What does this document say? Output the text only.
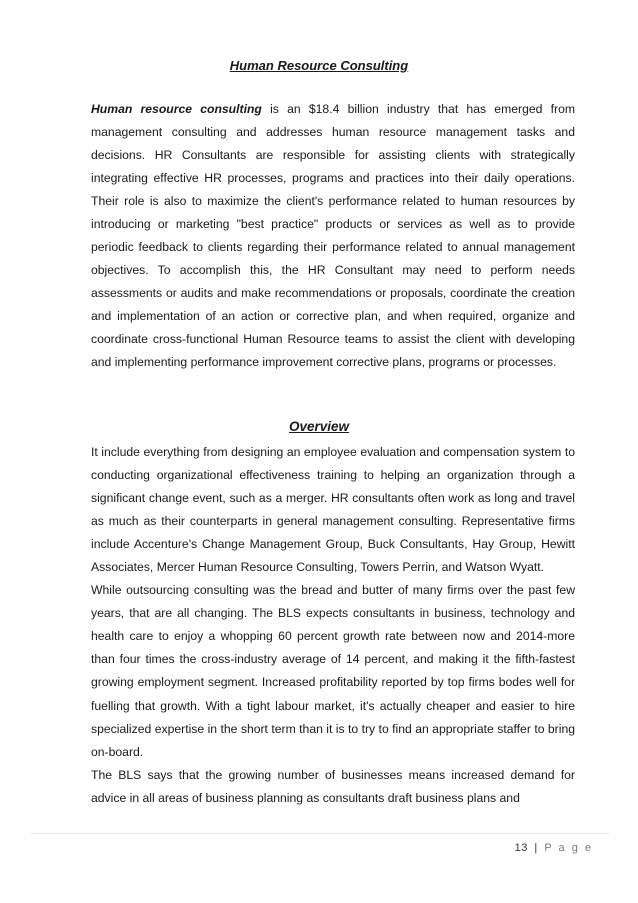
Human Resource Consulting

Human resource consulting is an $18.4 billion industry that has emerged from management consulting and addresses human resource management tasks and decisions. HR Consultants are responsible for assisting clients with strategically integrating effective HR processes, programs and practices into their daily operations. Their role is also to maximize the client's performance related to human resources by introducing or marketing "best practice" products or services as well as to provide periodic feedback to clients regarding their performance related to annual management objectives. To accomplish this, the HR Consultant may need to perform needs assessments or audits and make recommendations or proposals, coordinate the creation and implementation of an action or corrective plan, and when required, organize and coordinate cross-functional Human Resource teams to assist the client with developing and implementing performance improvement corrective plans, programs or processes.

Overview

It include everything from designing an employee evaluation and compensation system to conducting organizational effectiveness training to helping an organization through a significant change event, such as a merger. HR consultants often work as long and travel as much as their counterparts in general management consulting. Representative firms include Accenture's Change Management Group, Buck Consultants, Hay Group, Hewitt Associates, Mercer Human Resource Consulting, Towers Perrin, and Watson Wyatt.

While outsourcing consulting was the bread and butter of many firms over the past few years, that are all changing. The BLS expects consultants in business, technology and health care to enjoy a whopping 60 percent growth rate between now and 2014-more than four times the cross-industry average of 14 percent, and making it the fifth-fastest growing employment segment. Increased profitability reported by top firms bodes well for fuelling that growth. With a tight labour market, it's actually cheaper and easier to hire specialized expertise in the short term than it is to try to find an appropriate staffer to bring on-board.

The BLS says that the growing number of businesses means increased demand for advice in all areas of business planning as consultants draft business plans and

13 | P a g e
